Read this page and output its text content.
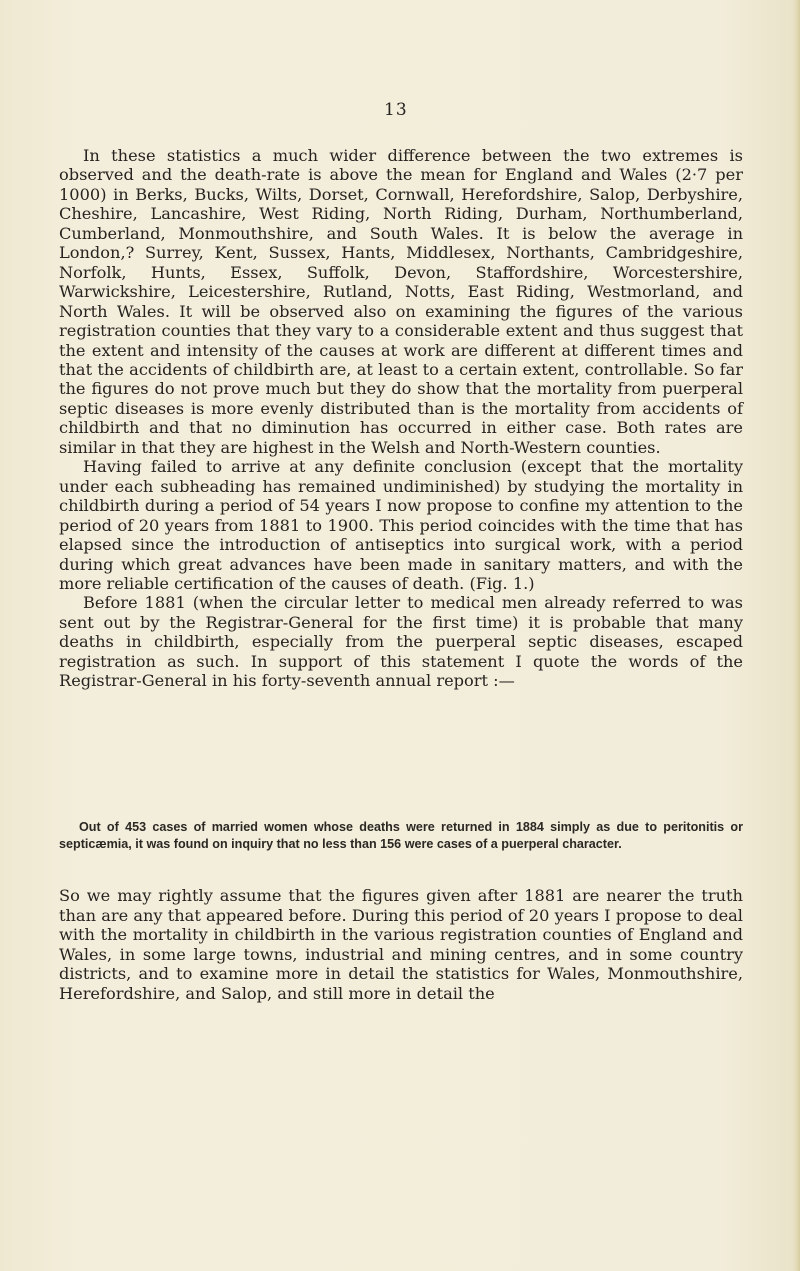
13

In these statistics a much wider difference between the two extremes is observed and the death-rate is above the mean for England and Wales (2·7 per 1000) in Berks, Bucks, Wilts, Dorset, Cornwall, Herefordshire, Salop, Derbyshire, Cheshire, Lancashire, West Riding, North Riding, Durham, Northumberland, Cumberland, Monmouthshire, and South Wales. It is below the average in London,? Surrey, Kent, Sussex, Hants, Middlesex, Northants, Cambridgeshire, Norfolk, Hunts, Essex, Suffolk, Devon, Staffordshire, Worcestershire, Warwickshire, Leicestershire, Rutland, Notts, East Riding, Westmorland, and North Wales. It will be observed also on examining the figures of the various registration counties that they vary to a considerable extent and thus suggest that the extent and intensity of the causes at work are different at different times and that the accidents of childbirth are, at least to a certain extent, controllable. So far the figures do not prove much but they do show that the mortality from puerperal septic diseases is more evenly distributed than is the mortality from accidents of childbirth and that no diminution has occurred in either case. Both rates are similar in that they are highest in the Welsh and North-Western counties.

Having failed to arrive at any definite conclusion (except that the mortality under each subheading has remained undiminished) by studying the mortality in childbirth during a period of 54 years I now propose to confine my attention to the period of 20 years from 1881 to 1900. This period coincides with the time that has elapsed since the introduction of antiseptics into surgical work, with a period during which great advances have been made in sanitary matters, and with the more reliable certification of the causes of death. (Fig. 1.)

Before 1881 (when the circular letter to medical men already referred to was sent out by the Registrar-General for the first time) it is probable that many deaths in childbirth, especially from the puerperal septic diseases, escaped registration as such. In support of this statement I quote the words of the Registrar-General in his forty-seventh annual report :—

Out of 453 cases of married women whose deaths were returned in 1884 simply as due to peritonitis or septicæmia, it was found on inquiry that no less than 156 were cases of a puerperal character.

So we may rightly assume that the figures given after 1881 are nearer the truth than are any that appeared before. During this period of 20 years I propose to deal with the mortality in childbirth in the various registration counties of England and Wales, in some large towns, industrial and mining centres, and in some country districts, and to examine more in detail the statistics for Wales, Monmouthshire, Herefordshire, and Salop, and still more in detail the
